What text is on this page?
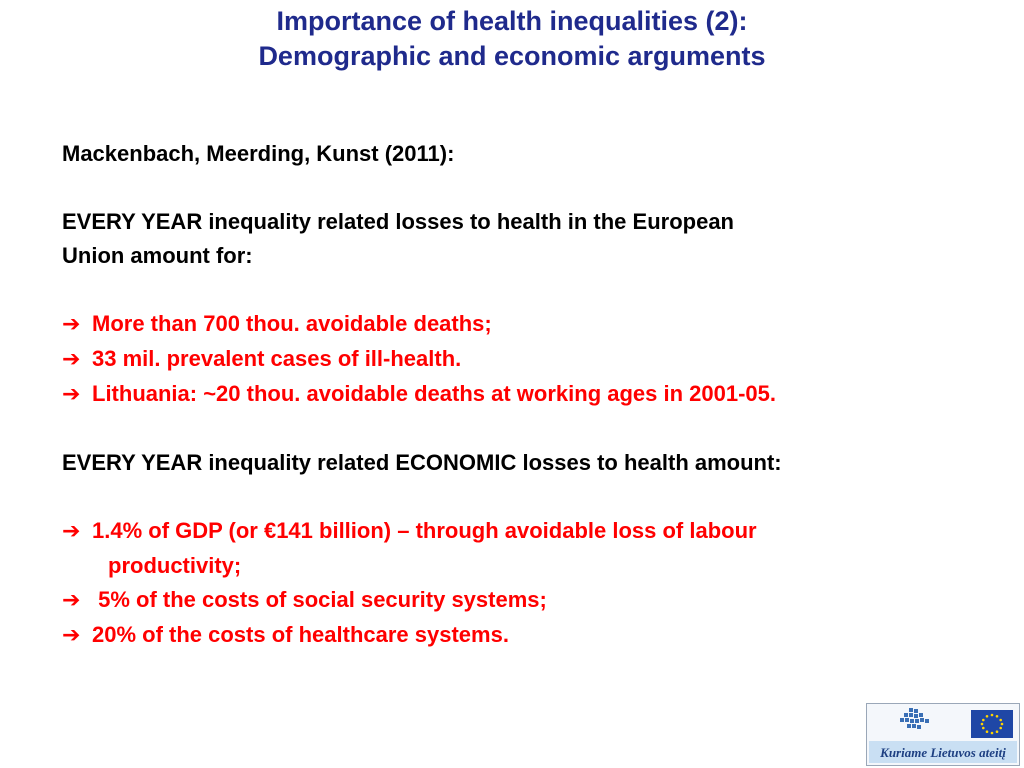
Importance of health inequalities (2):
Demographic and economic arguments
Mackenbach, Meerding, Kunst (2011):
EVERY YEAR inequality related losses to health in the European
Union amount for:
➔ More than 700 thou. avoidable deaths;
➔ 33 mil. prevalent cases of ill-health.
➔ Lithuania: ~20 thou. avoidable deaths at working ages in 2001-05.
EVERY YEAR inequality related ECONOMIC losses to health amount:
➔ 1.4% of GDP (or €141 billion) – through avoidable loss of labour
productivity;
➔ 5% of the costs of social security systems;
➔ 20% of the costs of healthcare systems.
Kuriame Lietuvos ateitį
